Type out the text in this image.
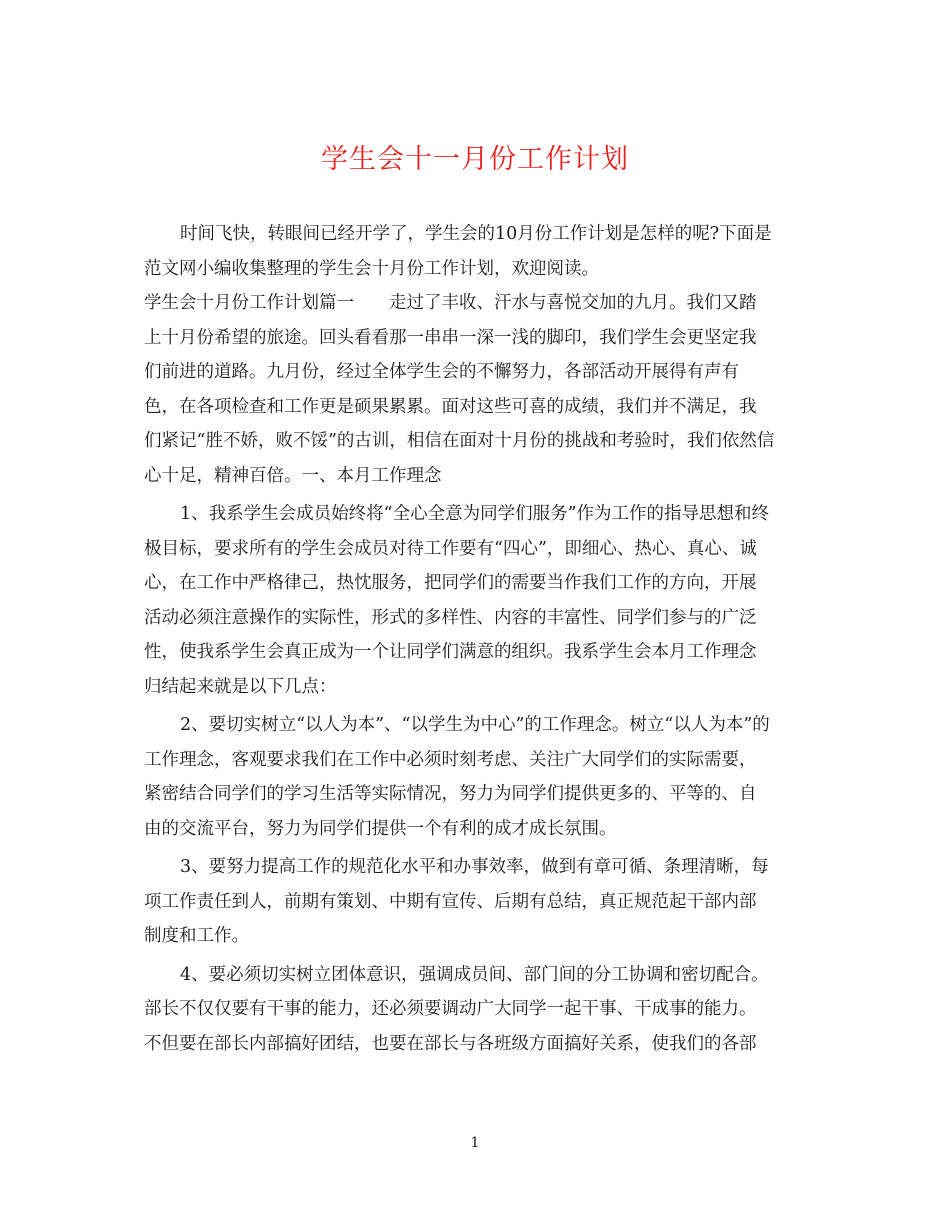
学生会十一月份工作计划
时间飞快，转眼间已经开学了，学生会的10月份工作计划是怎样的呢?下面是
范文网小编收集整理的学生会十月份工作计划，欢迎阅读。
学生会十月份工作计划篇一　　走过了丰收、汗水与喜悦交加的九月。我们又踏
上十月份希望的旅途。回头看看那一串串一深一浅的脚印，我们学生会更坚定我
们前进的道路。九月份，经过全体学生会的不懈努力，各部活动开展得有声有
色，在各项检查和工作更是硕果累累。面对这些可喜的成绩，我们并不满足，我
们紧记“胜不娇，败不馁”的古训，相信在面对十月份的挑战和考验时，我们依然信
心十足，精神百倍。一、本月工作理念
1、我系学生会成员始终将“全心全意为同学们服务”作为工作的指导思想和终
极目标，要求所有的学生会成员对待工作要有“四心”，即细心、热心、真心、诚
心，在工作中严格律己，热忱服务，把同学们的需要当作我们工作的方向，开展
活动必须注意操作的实际性，形式的多样性、内容的丰富性、同学们参与的广泛
性，使我系学生会真正成为一个让同学们满意的组织。我系学生会本月工作理念
归结起来就是以下几点：
2、要切实树立“以人为本”、“以学生为中心”的工作理念。树立“以人为本”的
工作理念，客观要求我们在工作中必须时刻考虑、关注广大同学们的实际需要，
紧密结合同学们的学习生活等实际情况，努力为同学们提供更多的、平等的、自
由的交流平台，努力为同学们提供一个有利的成才成长氛围。
3、要努力提高工作的规范化水平和办事效率，做到有章可循、条理清晰，每
项工作责任到人，前期有策划、中期有宣传、后期有总结，真正规范起干部内部
制度和工作。
4、要必须切实树立团体意识，强调成员间、部门间的分工协调和密切配合。
部长不仅仅要有干事的能力，还必须要调动广大同学一起干事、干成事的能力。
不但要在部长内部搞好团结，也要在部长与各班级方面搞好关系，使我们的各部
1
